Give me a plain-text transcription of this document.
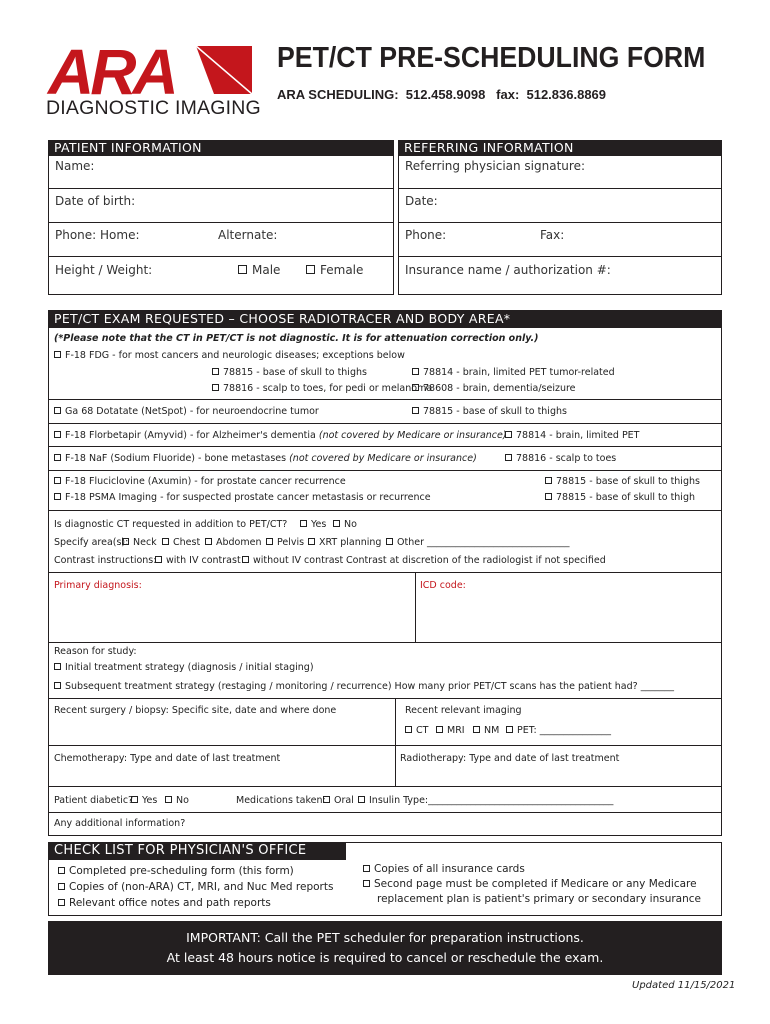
ARA
DIAGNOSTIC IMAGING
PET/CT PRE-SCHEDULING FORM
ARA SCHEDULING:  512.458.9098   fax:  512.836.8869
PATIENT INFORMATION	REFERRING INFORMATION
Name:
Date of birth:
Phone: Home:	Alternate:
Height / Weight:	Male	Female
Referring physician signature:
Date:
Phone:	Fax:
Insurance name / authorization #:
PET/CT EXAM REQUESTED – CHOOSE RADIOTRACER AND BODY AREA*
(*Please note that the CT in PET/CT is not diagnostic. It is for attenuation correction only.)
F-18 FDG - for most cancers and neurologic diseases; exceptions below
78815 - base of skull to thighs
78816 - scalp to toes, for pedi or melanoma
78814 - brain, limited PET tumor-related
78608 - brain, dementia/seizure
Ga 68 Dotatate (NetSpot) - for neuroendocrine tumor	78815 - base of skull to thighs
F-18 Florbetapir (Amyvid) - for Alzheimer's dementia (not covered by Medicare or insurance) 78814 - brain, limited PET
F-18 NaF (Sodium Fluoride) - bone metastases (not covered by Medicare or insurance)	78816 - scalp to toes
F-18 Fluciclovine (Axumin) - for prostate cancer recurrence	78815 - base of skull to thighs
F-18 PSMA Imaging - for suspected prostate cancer metastasis or recurrence	78815 - base of skull to thigh
Is diagnostic CT requested in addition to PET/CT?	Yes	No
Specify area(s): Neck	Chest	Abdomen	Pelvis	XRT planning	Other ______________________________
Contrast instructions:	with IV contrast	without IV contrast Contrast at discretion of the radiologist if not specified
Primary diagnosis:	ICD code:
Reason for study:
Initial treatment strategy (diagnosis / initial staging)
Subsequent treatment strategy (restaging / monitoring / recurrence) How many prior PET/CT scans has the patient had? _______
Recent surgery / biopsy: Specific site, date and where done	Recent relevant imaging
CT	MRI	NM	PET: _______________
Chemotherapy: Type and date of last treatment	Radiotherapy: Type and date of last treatment
Patient diabetic? Yes	No	Medications taken: Oral	Insulin Type:_______________________________________
Any additional information?
CHECK LIST FOR PHYSICIAN'S OFFICE
Completed pre-scheduling form (this form)
Copies of (non-ARA) CT, MRI, and Nuc Med reports
Relevant office notes and path reports
Copies of all insurance cards
Second page must be completed if Medicare or any Medicare
replacement plan is patient's primary or secondary insurance
IMPORTANT: Call the PET scheduler for preparation instructions.
At least 48 hours notice is required to cancel or reschedule the exam.
Updated 11/15/2021
